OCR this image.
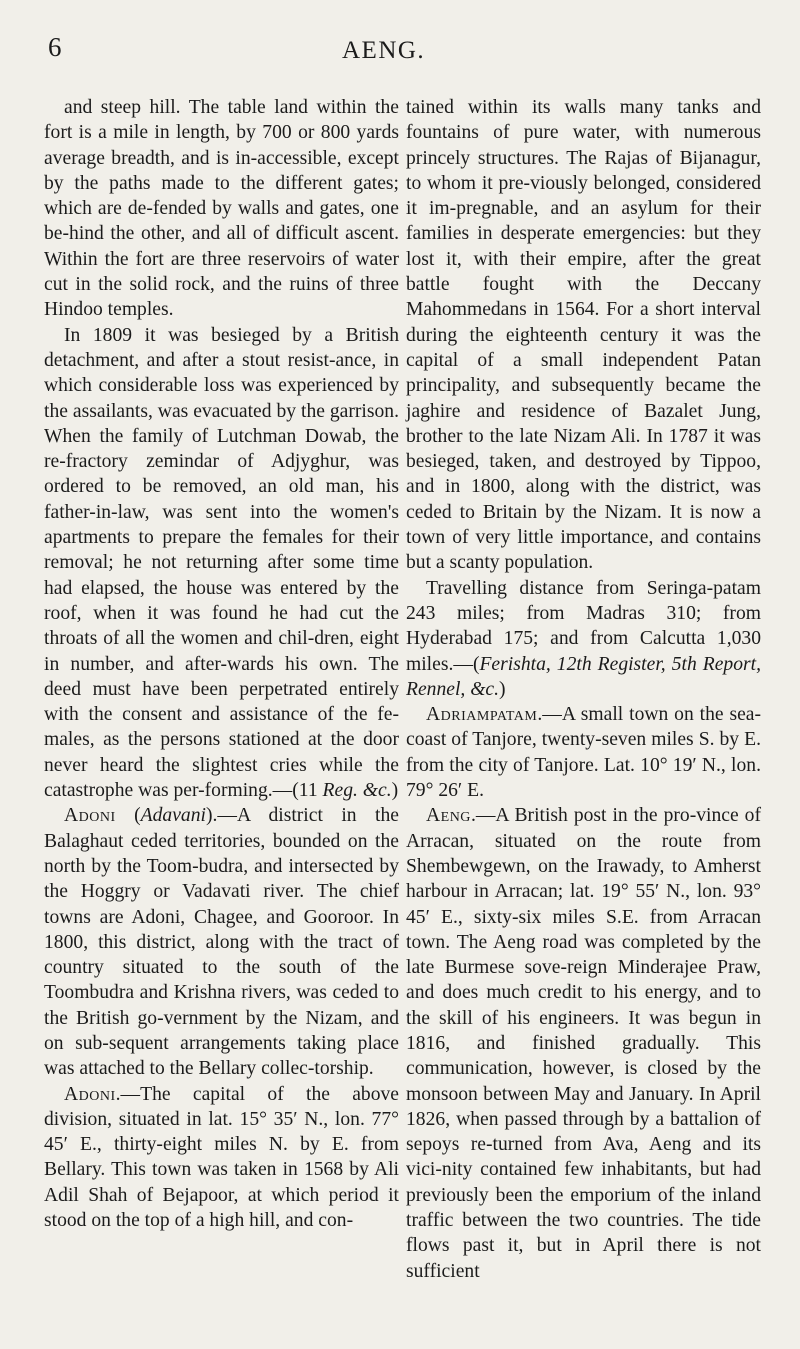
6	AENG.

and steep hill. The table land within the fort is a mile in length, by 700 or 800 yards average breadth, and is in-accessible, except by the paths made to the different gates; which are de-fended by walls and gates, one be-hind the other, and all of difficult ascent. Within the fort are three reservoirs of water cut in the solid rock, and the ruins of three Hindoo temples.

In 1809 it was besieged by a British detachment, and after a stout resist-ance, in which considerable loss was experienced by the assailants, was evacuated by the garrison. When the family of Lutchman Dowab, the re-fractory zemindar of Adjyghur, was ordered to be removed, an old man, his father-in-law, was sent into the women's apartments to prepare the females for their removal; he not returning after some time had elapsed, the house was entered by the roof, when it was found he had cut the throats of all the women and chil-dren, eight in number, and after-wards his own. The deed must have been perpetrated entirely with the consent and assistance of the fe-males, as the persons stationed at the door never heard the slightest cries while the catastrophe was per-forming.—(11 Reg. &c.)

Adoni (Adavani).—A district in the Balaghaut ceded territories, bounded on the north by the Toom-budra, and intersected by the Hoggry or Vadavati river. The chief towns are Adoni, Chagee, and Gooroor. In 1800, this district, along with the tract of country situated to the south of the Toombudra and Krishna rivers, was ceded to the British go-vernment by the Nizam, and on sub-sequent arrangements taking place was attached to the Bellary collec-torship.

Adoni.—The capital of the above division, situated in lat. 15° 35′ N., lon. 77° 45′ E., thirty-eight miles N. by E. from Bellary. This town was taken in 1568 by Ali Adil Shah of Bejapoor, at which period it stood on the top of a high hill, and con-

tained within its walls many tanks and fountains of pure water, with numerous princely structures. The Rajas of Bijanagur, to whom it pre-viously belonged, considered it im-pregnable, and an asylum for their families in desperate emergencies: but they lost it, with their empire, after the great battle fought with the Deccany Mahommedans in 1564. For a short interval during the eighteenth century it was the capital of a small independent Patan principality, and subsequently became the jaghire and residence of Bazalet Jung, brother to the late Nizam Ali. In 1787 it was besieged, taken, and destroyed by Tippoo, and in 1800, along with the district, was ceded to Britain by the Nizam. It is now a town of very little importance, and contains but a scanty population.

Travelling distance from Seringa-patam 243 miles; from Madras 310; from Hyderabad 175; and from Calcutta 1,030 miles.—(Ferishta, 12th Register, 5th Report, Rennel, &c.)

Adriampatam.—A small town on the sea-coast of Tanjore, twenty-seven miles S. by E. from the city of Tanjore. Lat. 10° 19′ N., lon. 79° 26′ E.

Aeng.—A British post in the pro-vince of Arracan, situated on the route from Shembewgewn, on the Irawady, to Amherst harbour in Arracan; lat. 19° 55′ N., lon. 93° 45′ E., sixty-six miles S.E. from Arracan town. The Aeng road was completed by the late Burmese sove-reign Minderajee Praw, and does much credit to his energy, and to the skill of his engineers. It was begun in 1816, and finished gradually. This communication, however, is closed by the monsoon between May and January. In April 1826, when passed through by a battalion of sepoys re-turned from Ava, Aeng and its vici-nity contained few inhabitants, but had previously been the emporium of the inland traffic between the two countries. The tide flows past it, but in April there is not sufficient
